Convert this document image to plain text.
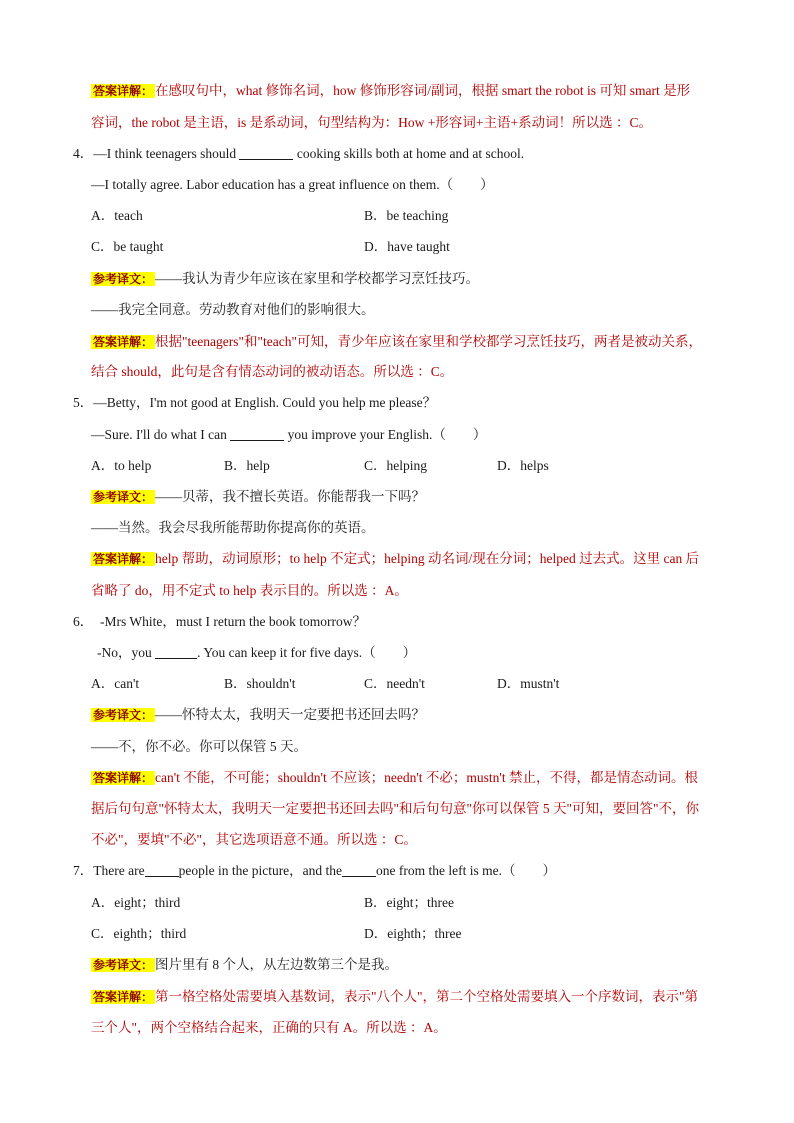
答案详解： 在感叹句中，what 修饰名词，how 修饰形容词/副词，根据 smart the robot is 可知 smart 是形
容词，the robot 是主语，is 是系动词，句型结构为：How +形容词+主语+系动词！所以选 ：C。
4．—I think teenagers should	cooking skills both at home and at school.
—I totally agree. Labor education has a great influence on them.（　　）
A．teach	B．be teaching
C．be taught	D．have taught
参考译文： ——我认为青少年应该在家里和学校都学习烹饪技巧。
——我完全同意。劳动教育对他们的影响很大。
答案详解： 根据"teenagers"和"teach"可知，青少年应该在家里和学校都学习烹饪技巧，两者是被动关系，
结合 should，此句是含有情态动词的被动语态。所以选 ：C。
5．—Betty，I'm not good at English. Could you help me please？
—Sure. I'll do what I can	you improve your English.（　　）
A．to help	B．help	C．helping	D．helps
参考译文： ——贝蒂，我不擅长英语。你能帮我一下吗？
——当然。我会尽我所能帮助你提高你的英语。
答案详解： help 帮助，动词原形；to help 不定式；helping 动名词/现在分词；helped 过去式。这里 can 后
省略了 do，用不定式 to help 表示目的。所以选 ：A。
6． -Mrs White，must I return the book tomorrow？
-No，you	. You can keep it for five days.（　　）
A．can't	B．shouldn't	C．needn't	D．mustn't
参考译文： ——怀特太太，我明天一定要把书还回去吗？
——不，你不必。你可以保管 5 天。
答案详解： can't 不能，不可能；shouldn't 不应该；needn't 不必；mustn't 禁止，不得，都是情态动词。根
据后句句意"怀特太太，我明天一定要把书还回去吗"和后句句意"你可以保管 5 天"可知，要回答"不，你
不必"，要填"不必"，其它选项语意不通。所以选 ：C。
7．There are	people in the picture，and the	one from the left is me.（　　）
A．eight；third	B．eight；three
C．eighth；third	D．eighth；three
参考译文： 图片里有 8 个人，从左边数第三个是我。
答案详解： 第一格空格处需要填入基数词，表示"八个人"，第二个空格处需要填入一个序数词，表示"第
三个人"，两个空格结合起来，正确的只有 A。所以选 ：A。
